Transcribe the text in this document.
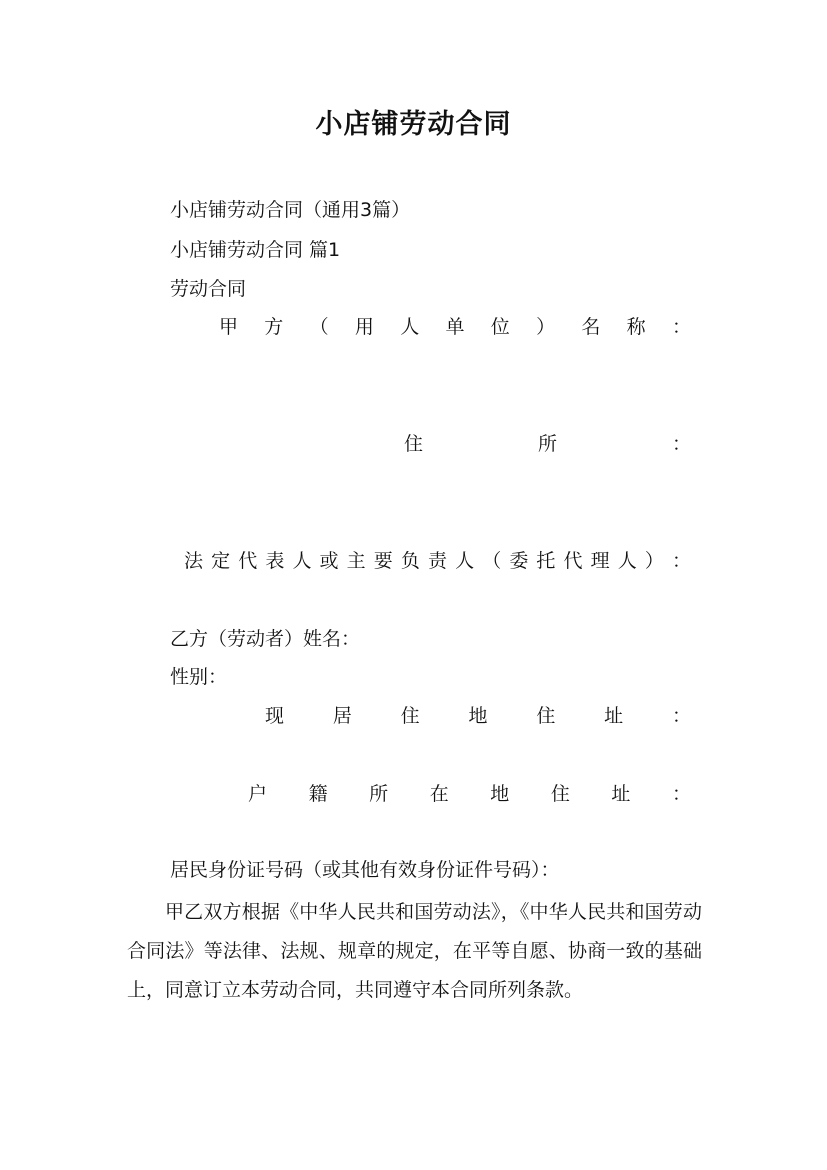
小店铺劳动合同
小店铺劳动合同（通用3篇）
小店铺劳动合同 篇1
劳动合同
甲 方 （ 用 人 单 位 ） 名 称 ：
住	所	：
法 定 代 表 人 或 主 要 负 责 人 （ 委 托 代 理 人 ） ：
乙方（劳动者）姓名：
性别：
现	居	住	地	住	址	：
户 籍 所 在 地 住 址 ：
居民身份证号码（或其他有效身份证件号码）：
甲乙双方根据《中华人民共和国劳动法》，《中华人民共和国劳动合同法》等法律、法规、规章的规定，在平等自愿、协商一致的基础上，同意订立本劳动合同，共同遵守本合同所列条款。
